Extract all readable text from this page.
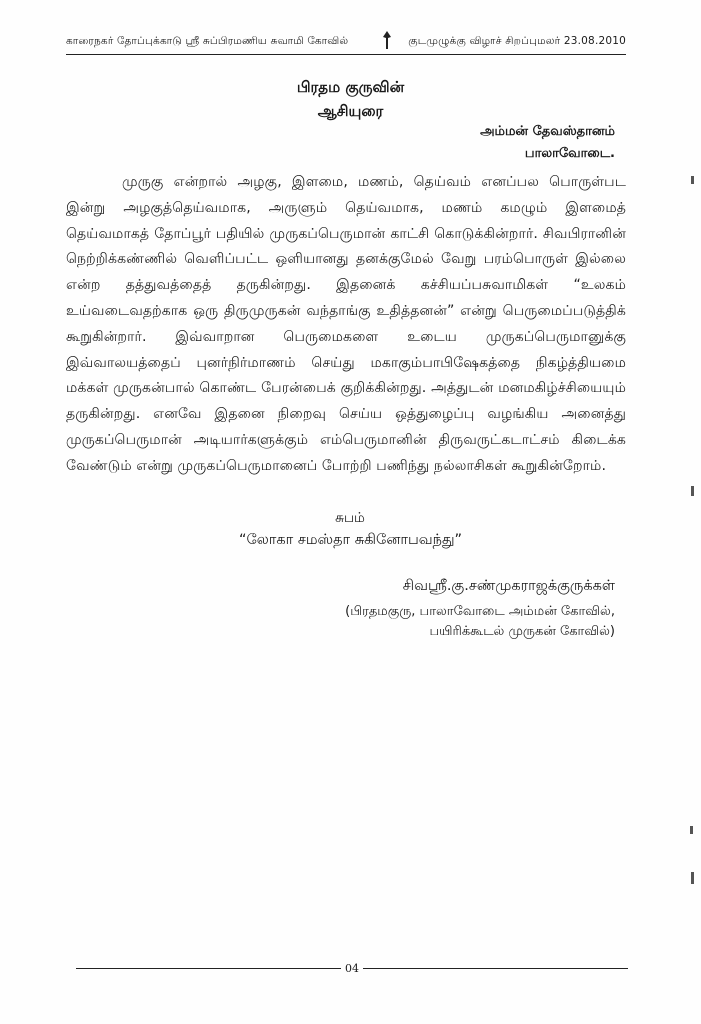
காரைநகர் தோப்புக்காடு ஸ்ரீ சுப்பிரமணிய சுவாமி கோவில்	குடமுழுக்கு விழாச் சிறப்புமலர் 23.08.2010
பிரதம குருவின்
ஆசியுரை
அம்மன் தேவஸ்தானம்
பாலாவோடை.

முருகு என்றால் அழகு, இளமை, மணம், தெய்வம் எனப்பல பொருள்பட இன்று அழகுத்தெய்வமாக, அருளும் தெய்வமாக, மணம் கமழும் இளமைத் தெய்வமாகத் தோப்பூர் பதியில் முருகப்பெருமான் காட்சி கொடுக்கின்றார். சிவபிரானின் நெற்றிக்கண்ணில் வெளிப்பட்ட ஒளியானது தனக்குமேல் வேறு பரம்பொருள் இல்லை என்ற தத்துவத்தைத் தருகின்றது. இதனைக் கச்சியப்பசுவாமிகள் “உலகம் உய்வடைவதற்காக ஒரு திருமுருகன் வந்தாங்கு உதித்தனன்” என்று பெருமைப்படுத்திக் கூறுகின்றார். இவ்வாறான பெருமைகளை உடைய முருகப்பெருமானுக்கு இவ்வாலயத்தைப் புனர்நிர்மாணம் செய்து மகாகும்பாபிஷேகத்தை நிகழ்த்தியமை மக்கள் முருகன்பால் கொண்ட பேரன்பைக் குறிக்கின்றது. அத்துடன் மனமகிழ்ச்சியையும் தருகின்றது. எனவே இதனை நிறைவு செய்ய ஒத்துழைப்பு வழங்கிய அனைத்து முருகப்பெருமான் அடியார்களுக்கும் எம்பெருமானின் திருவருட்கடாட்சம் கிடைக்க வேண்டும் என்று முருகப்பெருமானைப் போற்றி பணிந்து நல்லாசிகள் கூறுகின்றோம்.

சுபம்
“லோகா சமஸ்தா சுகினோபவந்து”
சிவஸ்ரீ.கு.சண்முகராஜக்குருக்கள்
(பிரதமகுரு, பாலாவோடை அம்மன் கோவில்,
பயிரிக்கூடல் முருகன் கோவில்)
04
